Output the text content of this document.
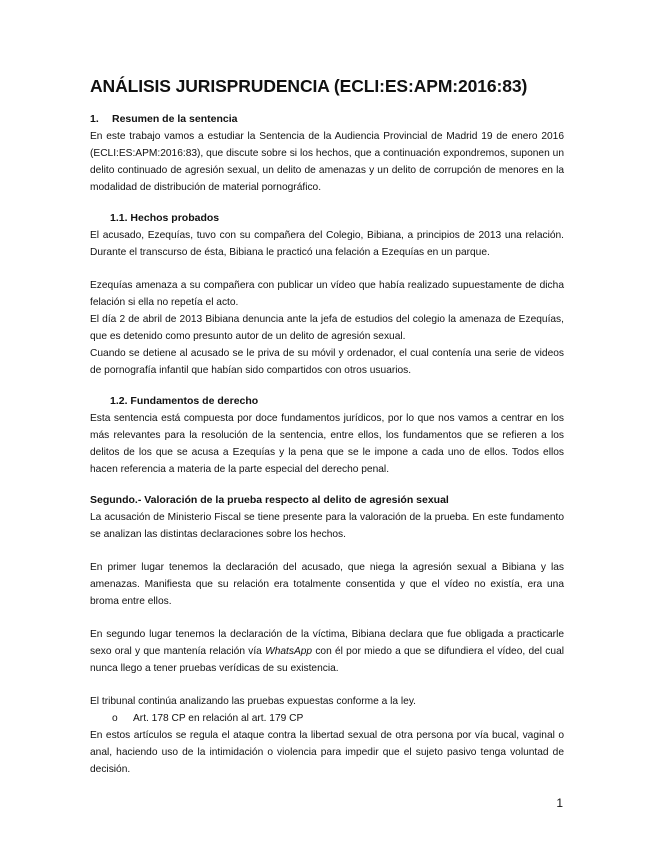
ANÁLISIS JURISPRUDENCIA (ECLI:ES:APM:2016:83)
1. Resumen de la sentencia

En este trabajo vamos a estudiar la Sentencia de la Audiencia Provincial de Madrid 19 de enero 2016 (ECLI:ES:APM:2016:83), que discute sobre si los hechos, que a continuación expondremos, suponen un delito continuado de agresión sexual, un delito de amenazas y un delito de corrupción de menores en la modalidad de distribución de material pornográfico.

1.1. Hechos probados

El acusado, Ezequías, tuvo con su compañera del Colegio, Bibiana, a principios de 2013 una relación. Durante el transcurso de ésta, Bibiana le practicó una felación a Ezequías en un parque.

Ezequías amenaza a su compañera con publicar un vídeo que había realizado supuestamente de dicha felación si ella no repetía el acto.

El día 2 de abril de 2013 Bibiana denuncia ante la jefa de estudios del colegio la amenaza de Ezequías, que es detenido como presunto autor de un delito de agresión sexual.

Cuando se detiene al acusado se le priva de su móvil y ordenador, el cual contenía una serie de videos de pornografía infantil que habían sido compartidos con otros usuarios.

1.2. Fundamentos de derecho

Esta sentencia está compuesta por doce fundamentos jurídicos, por lo que nos vamos a centrar en los más relevantes para la resolución de la sentencia, entre ellos, los fundamentos que se refieren a los delitos de los que se acusa a Ezequías y la pena que se le impone a cada uno de ellos. Todos ellos hacen referencia a materia de la parte especial del derecho penal.

Segundo.- Valoración de la prueba respecto al delito de agresión sexual

La acusación de Ministerio Fiscal se tiene presente para la valoración de la prueba. En este fundamento se analizan las distintas declaraciones sobre los hechos.

En primer lugar tenemos la declaración del acusado, que niega la agresión sexual a Bibiana y las amenazas. Manifiesta que su relación era totalmente consentida y que el vídeo no existía, era una broma entre ellos.

En segundo lugar tenemos la declaración de la víctima, Bibiana declara que fue obligada a practicarle sexo oral y que mantenía relación vía WhatsApp con él por miedo a que se difundiera el vídeo, del cual nunca llego a tener pruebas verídicas de su existencia.

El tribunal continúa analizando las pruebas expuestas conforme a la ley.

o Art. 178 CP en relación al art. 179 CP

En estos artículos se regula el ataque contra la libertad sexual de otra persona por vía bucal, vaginal o anal, haciendo uso de la intimidación o violencia para impedir que el sujeto pasivo tenga voluntad de decisión.

1
